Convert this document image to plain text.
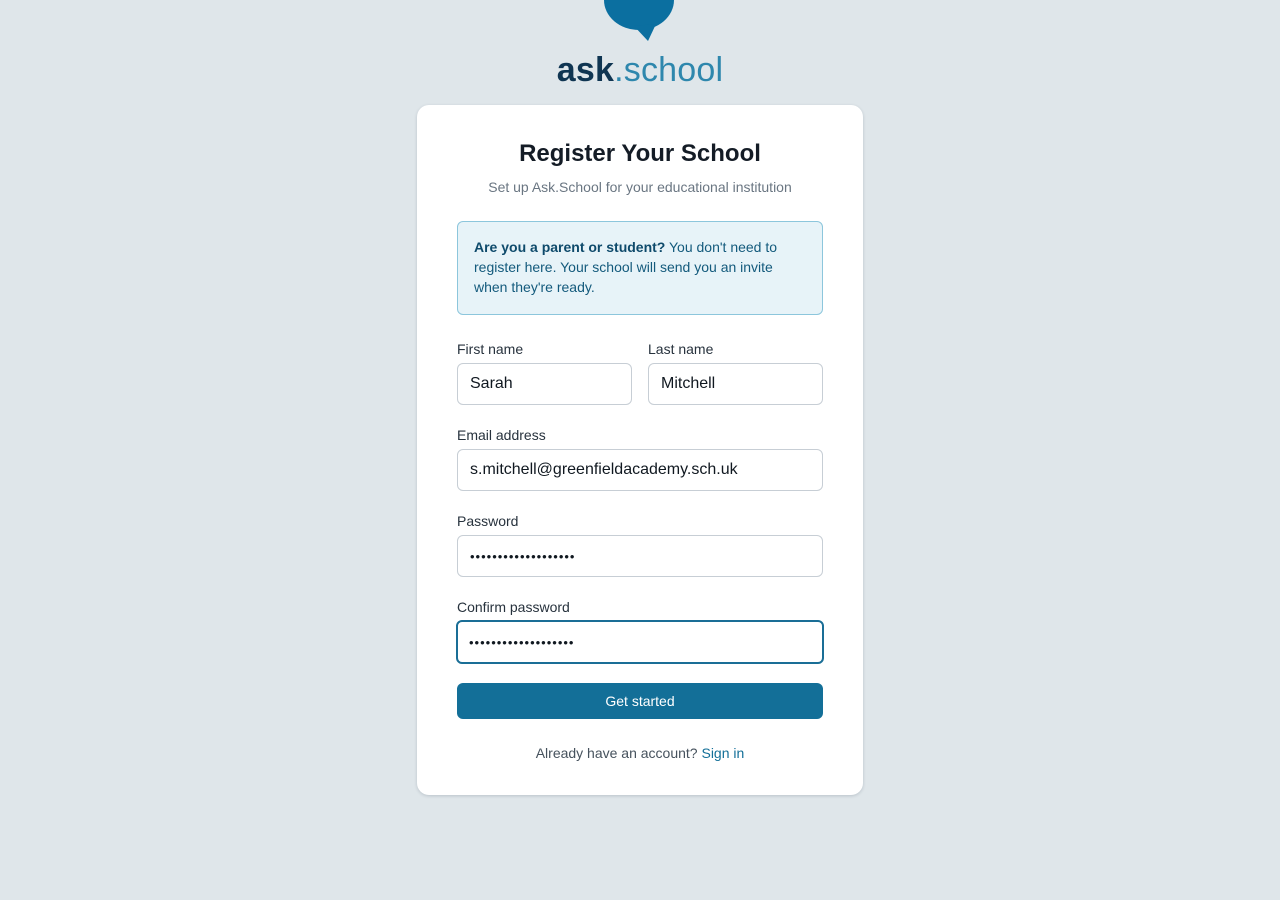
ask.school
Register Your School

Set up Ask.School for your educational institution

Are you a parent or student? You don't need to register here. Your school will send you an invite when they're ready.
First name
Sarah	Last name
Mitchell
Email address
s.mitchell@greenfieldacademy.sch.uk
Password
•••••••••••••••••••
Confirm password
•••••••••••••••••••
Get started
Already have an account? Sign in
